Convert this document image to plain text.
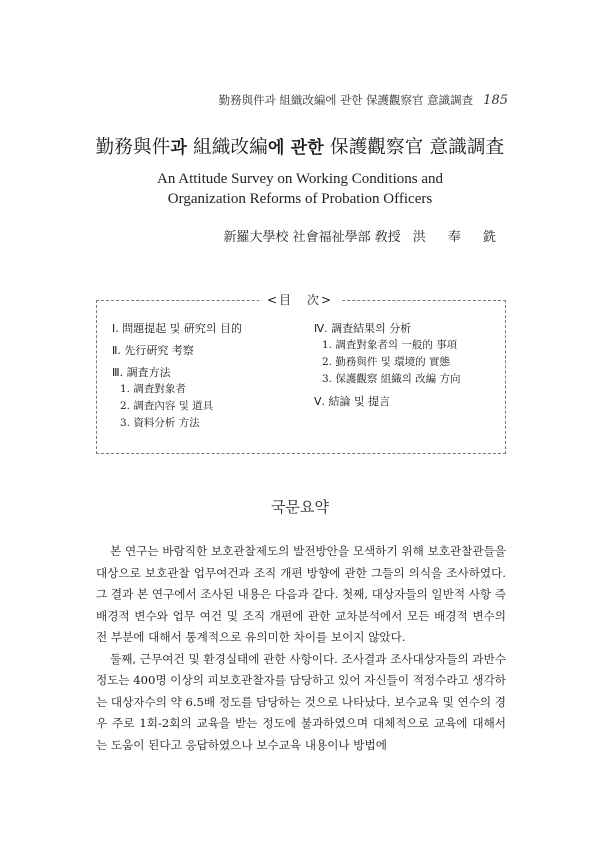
勤務與件과 組織改編에 관한 保護觀察官 意識調査 185
勤務與件과 組織改編에 관한 保護觀察官 意識調査
An Attitude Survey on Working Conditions and
Organization Reforms of Probation Officers
新羅大學校 社會福祉學部 敎授 洪 奉 銑
<目　次>
Ⅰ. 問題提起 및 硏究의 目的
Ⅱ. 先行硏究 考察
Ⅲ. 調査方法
1. 調査對象者
2. 調査內容 및 道具
3. 資料分析 方法
Ⅳ. 調査結果의 分析
1. 調査對象者의 一般的 事項
2. 勤務與件 및 環境的 實態
3. 保護觀察 組織의 改編 方向
Ⅴ. 結論 및 提言
국문요약

본 연구는 바람직한 보호관찰제도의 발전방안을 모색하기 위해 보호관찰관들을 대상으로 보호관찰 업무여건과 조직 개편 방향에 관한 그들의 의식을 조사하였다. 그 결과 본 연구에서 조사된 내용은 다음과 같다. 첫째, 대상자들의 일반적 사항 즉 배경적 변수와 업무 여건 및 조직 개편에 관한 교차분석에서 모든 배경적 변수의 전 부분에 대해서 통계적으로 유의미한 차이를 보이지 않았다.

둘째, 근무여건 및 환경실태에 관한 사항이다. 조사결과 조사대상자들의 과반수 정도는 400명 이상의 피보호관찰자를 담당하고 있어 자신들이 적정수라고 생각하는 대상자수의 약 6.5배 정도를 담당하는 것으로 나타났다. 보수교육 및 연수의 경우 주로 1회-2회의 교육을 받는 정도에 불과하였으며 대체적으로 교육에 대해서는 도움이 된다고 응답하였으나 보수교육 내용이나 방법에
